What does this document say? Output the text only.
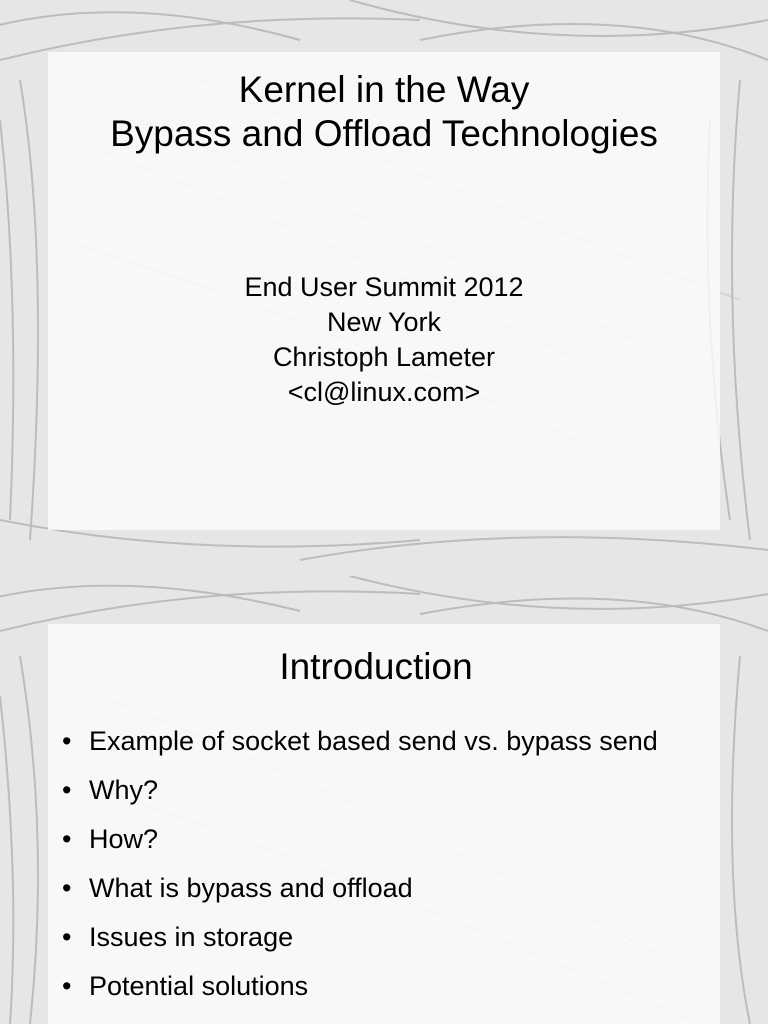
Kernel in the Way
Bypass and Offload Technologies
End User Summit 2012
New York
Christoph Lameter
<cl@linux.com>
Introduction
• Example of socket based send vs. bypass send
• Why?
• How?
• What is bypass and offload
• Issues in storage
• Potential solutions
